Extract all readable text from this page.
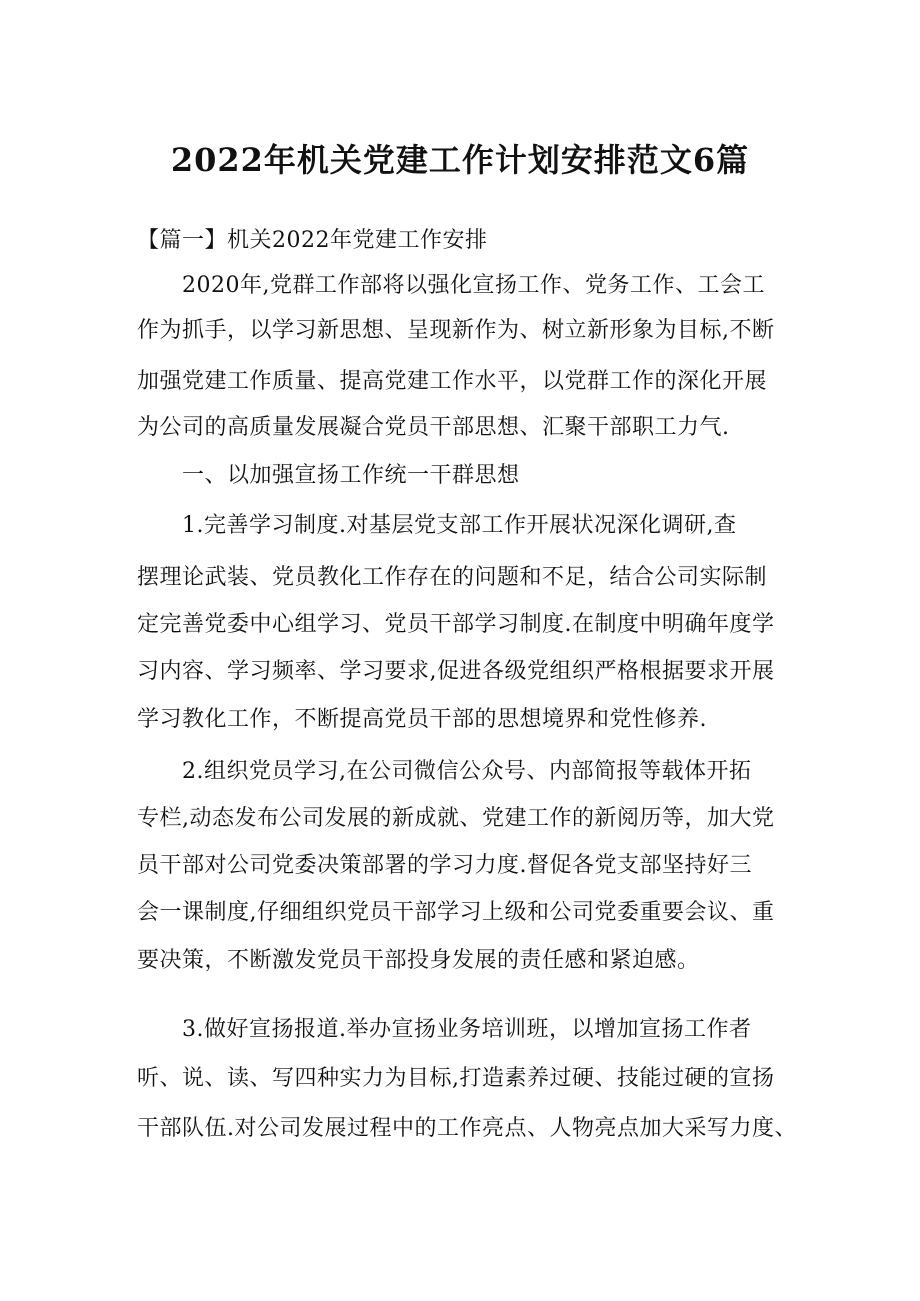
2022年机关党建工作计划安排范文6篇
【篇一】机关2022年党建工作安排
2020年,党群工作部将以强化宣扬工作、党务工作、工会工
作为抓手，以学习新思想、呈现新作为、树立新形象为目标,不断
加强党建工作质量、提高党建工作水平，以党群工作的深化开展
为公司的高质量发展凝合党员干部思想、汇聚干部职工力气.
一、以加强宣扬工作统一干群思想
1.完善学习制度.对基层党支部工作开展状况深化调研,查
摆理论武装、党员教化工作存在的问题和不足，结合公司实际制
定完善党委中心组学习、党员干部学习制度.在制度中明确年度学
习内容、学习频率、学习要求,促进各级党组织严格根据要求开展
学习教化工作，不断提高党员干部的思想境界和党性修养.
2.组织党员学习,在公司微信公众号、内部简报等载体开拓
专栏,动态发布公司发展的新成就、党建工作的新阅历等，加大党
员干部对公司党委决策部署的学习力度.督促各党支部坚持好三
会一课制度,仔细组织党员干部学习上级和公司党委重要会议、重
要决策，不断激发党员干部投身发展的责任感和紧迫感。
3.做好宣扬报道.举办宣扬业务培训班，以增加宣扬工作者
听、说、读、写四种实力为目标,打造素养过硬、技能过硬的宣扬
干部队伍.对公司发展过程中的工作亮点、人物亮点加大采写力度、
